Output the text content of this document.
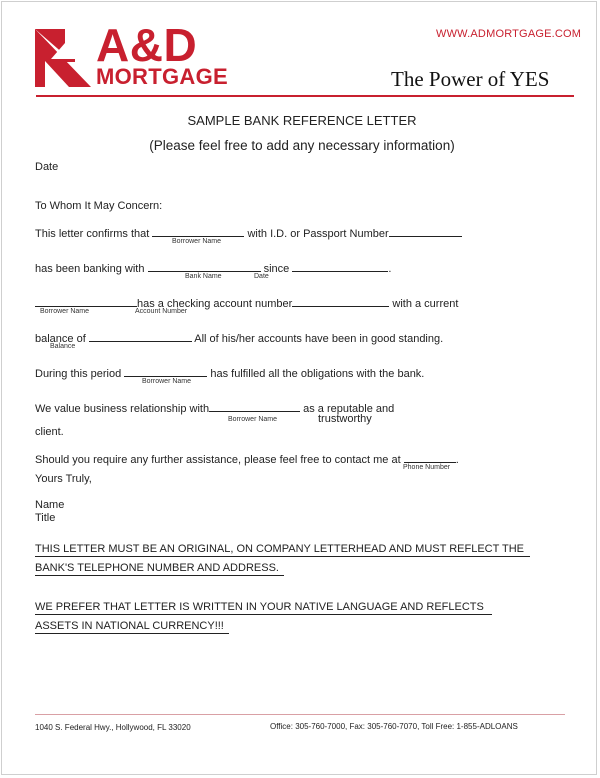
A&D
MORTGAGE
WWW.ADMORTGAGE.COM
The Power of YES
SAMPLE BANK REFERENCE LETTER
(Please feel free to add any necessary information)
Date
To Whom It May Concern:
This letter confirms that	with I.D. or Passport Number
Borrower Name
has been banking with	since	.
Bank Name	Date
has a checking account number	with a current
Borrower Name	Account Number
balance of	All of his/her accounts have been in good standing.
Balance
During this period	has fulfilled all the obligations with the bank.
Borrower Name
We value business relationship with	as a reputable and
Borrower Name	trustworthy
client.
Should you require any further assistance, please feel free to contact me at	.
Phone Number
Yours Truly,
Name
Title
THIS LETTER MUST BE AN ORIGINAL, ON COMPANY LETTERHEAD AND MUST REFLECT THE
BANK'S TELEPHONE NUMBER AND ADDRESS.
WE PREFER THAT LETTER IS WRITTEN IN YOUR NATIVE LANGUAGE AND REFLECTS
ASSETS IN NATIONAL CURRENCY!!!
1040 S. Federal Hwy., Hollywood, FL 33020	Office: 305-760-7000, Fax: 305-760-7070, Toll Free: 1-855-ADLOANS
